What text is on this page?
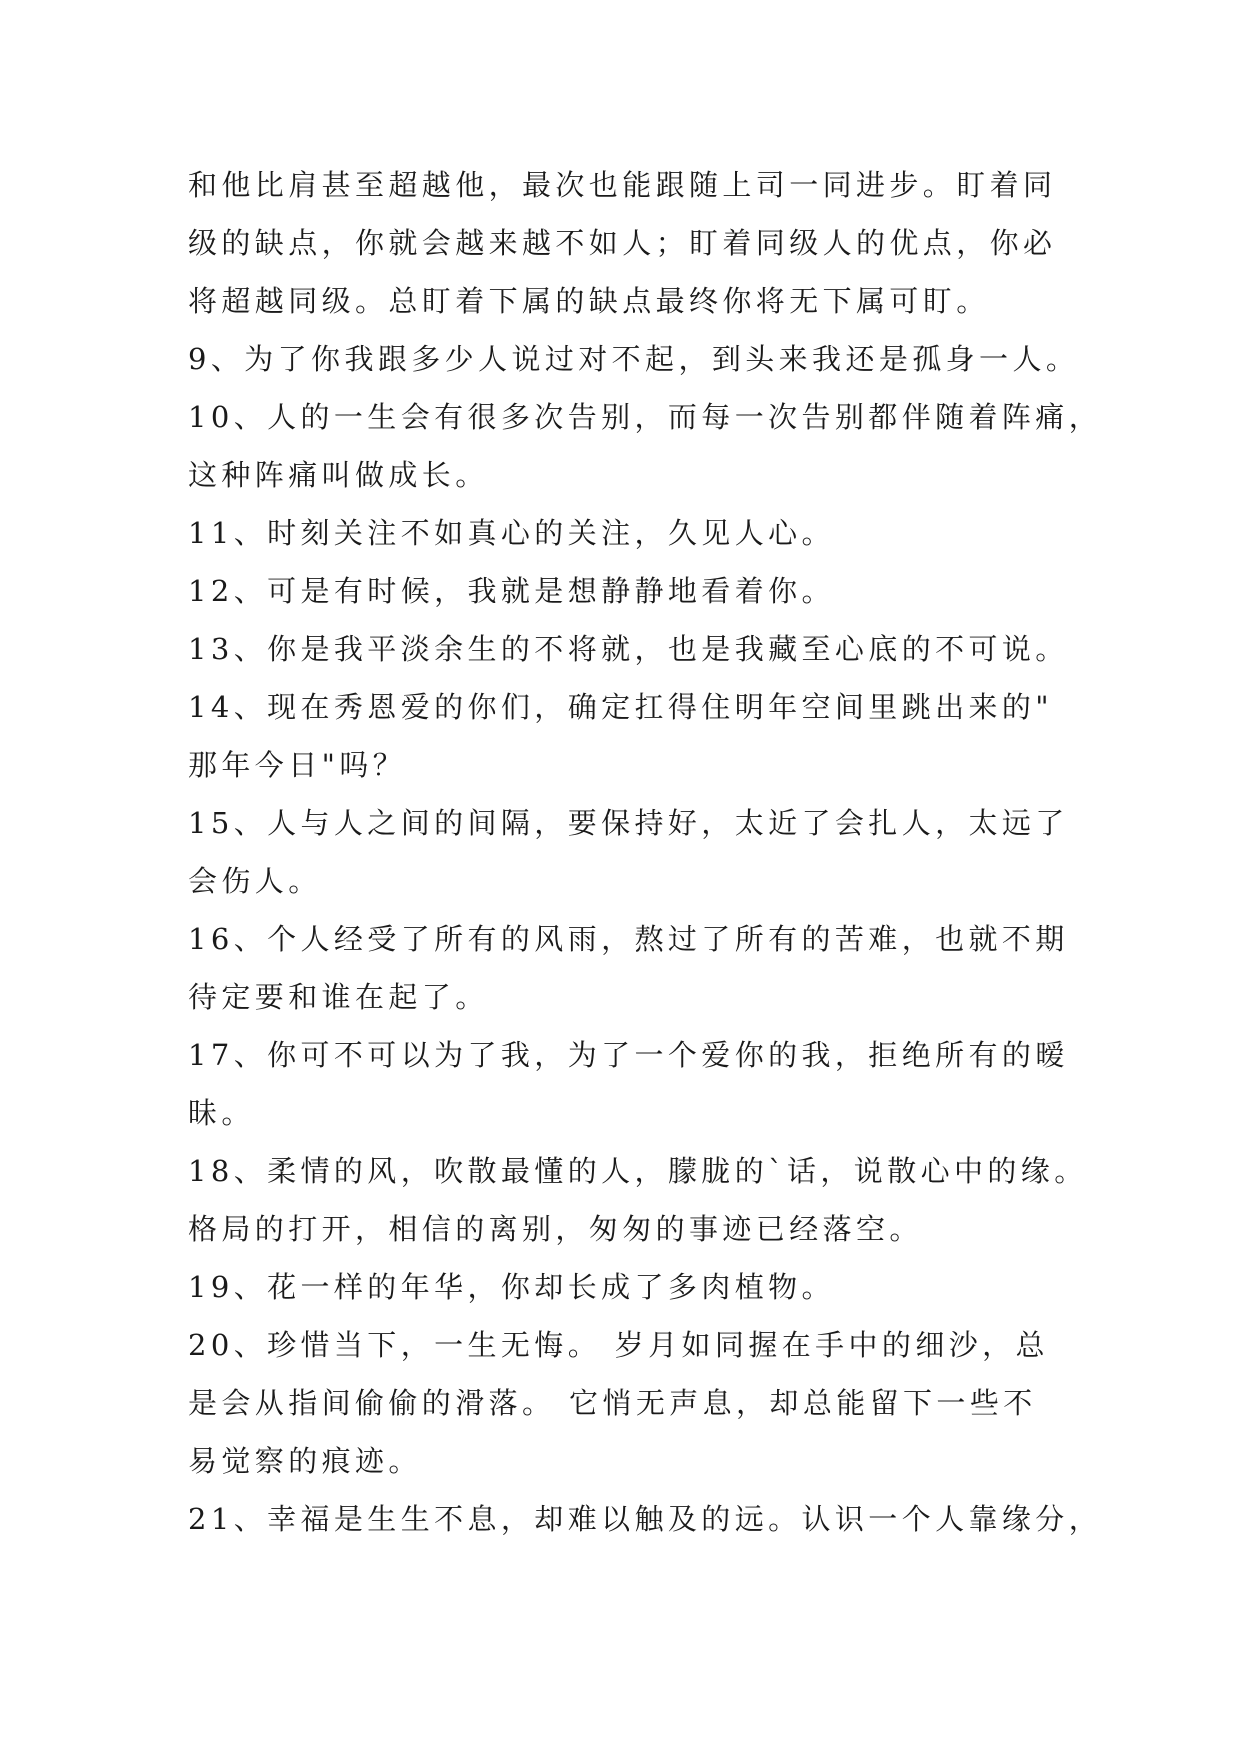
和他比肩甚至超越他，最次也能跟随上司一同进步。盯着同
级的缺点，你就会越来越不如人；盯着同级人的优点，你必
将超越同级。总盯着下属的缺点最终你将无下属可盯。
9、为了你我跟多少人说过对不起，到头来我还是孤身一人。
10、人的一生会有很多次告别，而每一次告别都伴随着阵痛，
这种阵痛叫做成长。
11、时刻关注不如真心的关注，久见人心。
12、可是有时候，我就是想静静地看着你。
13、你是我平淡余生的不将就，也是我藏至心底的不可说。
14、现在秀恩爱的你们，确定扛得住明年空间里跳出来的"
那年今日"吗？
15、人与人之间的间隔，要保持好，太近了会扎人，太远了
会伤人。
16、个人经受了所有的风雨，熬过了所有的苦难，也就不期
待定要和谁在起了。
17、你可不可以为了我，为了一个爱你的我，拒绝所有的暧
昧。
18、柔情的风，吹散最懂的人，朦胧的`话，说散心中的缘。
格局的打开，相信的离别，匆匆的事迹已经落空。
19、花一样的年华，你却长成了多肉植物。
20、珍惜当下，一生无悔。 岁月如同握在手中的细沙，总
是会从指间偷偷的滑落。 它悄无声息，却总能留下一些不
易觉察的痕迹。
21、幸福是生生不息，却难以触及的远。认识一个人靠缘分，
